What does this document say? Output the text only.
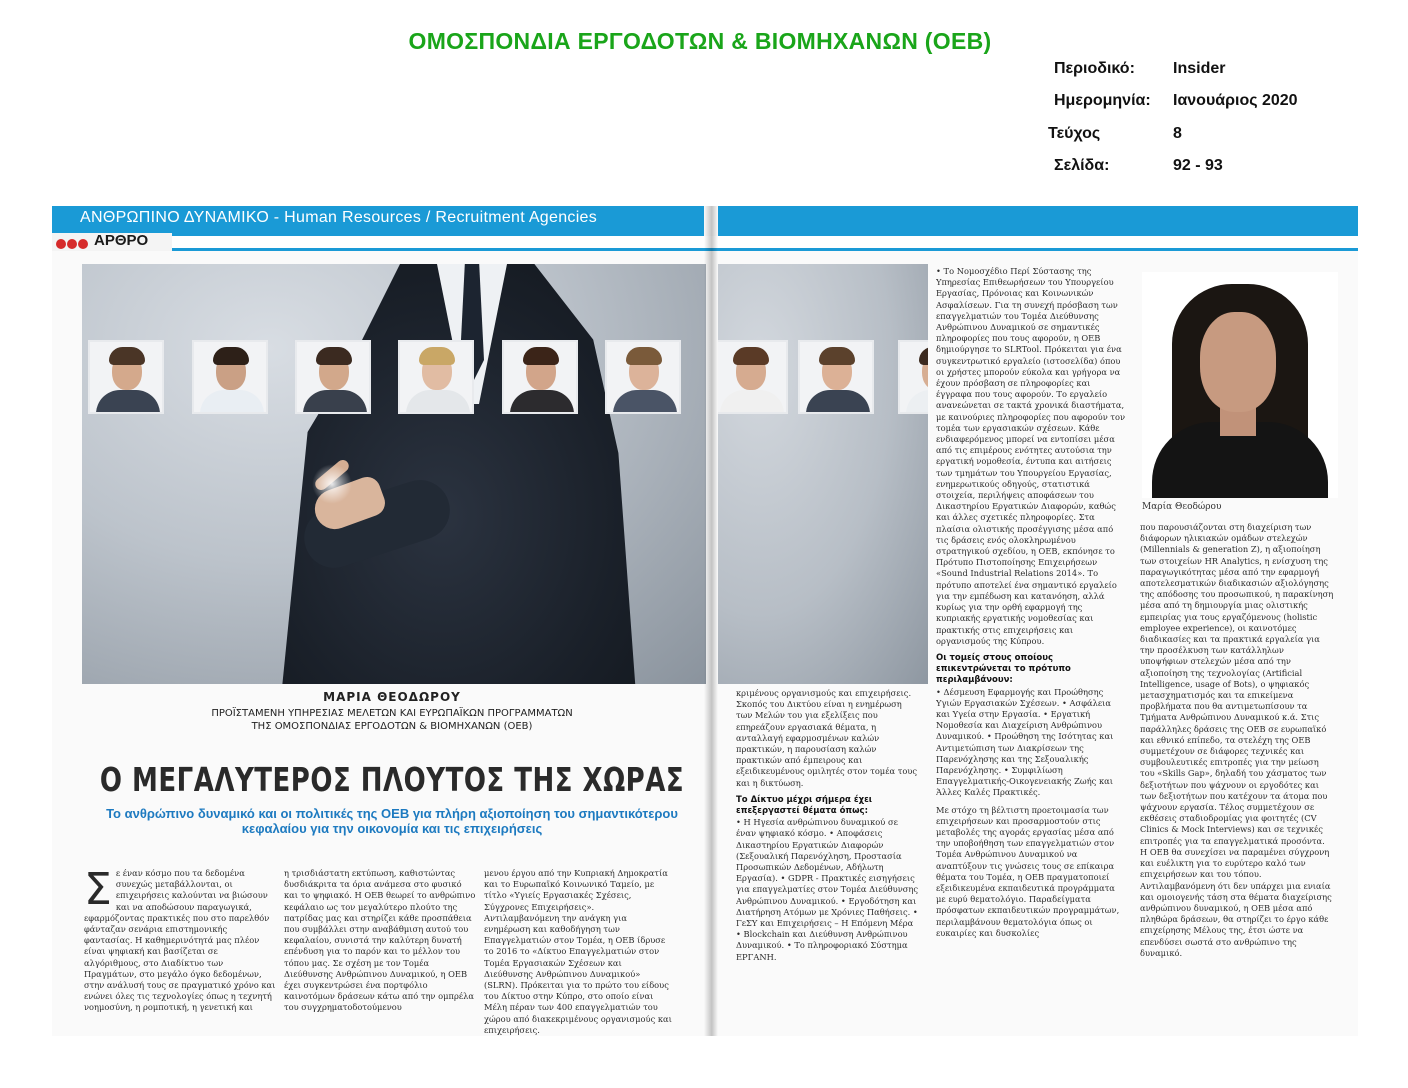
ΟΜΟΣΠΟΝΔΙΑ ΕΡΓΟΔΟΤΩΝ & ΒΙΟΜΗΧΑΝΩΝ (ΟΕΒ)
Περιοδικό: Insider
Ημερομηνία: Ιανουάριος 2020
Τεύχος	8
Σελίδα:	92 - 93
ΑΝΘΡΩΠΙΝΟ ΔΥΝΑΜΙΚΟ - Human Resources / Recruitment Agencies
ΑΡΘΡΟ
Μαρία Θεοδώρου
ΜΑΡΙΑ ΘΕΟΔΩΡΟΥ
ΠΡΟΪΣΤΑΜΕΝΗ ΥΠΗΡΕΣΙΑΣ ΜΕΛΕΤΩΝ ΚΑΙ ΕΥΡΩΠΑΪΚΩΝ ΠΡΟΓΡΑΜΜΑΤΩΝ
ΤΗΣ ΟΜΟΣΠΟΝΔΙΑΣ ΕΡΓΟΔΟΤΩΝ & ΒΙΟΜΗΧΑΝΩΝ (ΟΕΒ)
Ο ΜΕΓΑΛΥΤΕΡΟΣ ΠΛΟΥΤΟΣ ΤΗΣ ΧΩΡΑΣ
Το ανθρώπινο δυναμικό και οι πολιτικές της ΟΕΒ για πλήρη αξιοποίηση του σημαντικότερου
κεφαλαίου για την οικονομία και τις επιχειρήσεις
Σ ε έναν κόσμο που τα δεδομένα συνεχώς μεταβάλλονται, οι επιχειρήσεις καλούνται να βιώσουν και να αποδώσουν παραγωγικά, εφαρμόζοντας πρακτικές που στο παρελθόν φάνταζαν σενάρια επιστημονικής φαντασίας. Η καθημερινότητά μας πλέον είναι ψηφιακή και βασίζεται σε αλγόριθμους, στο Διαδίκτυο των Πραγμάτων, στο μεγάλο όγκο δεδομένων, στην ανάλυσή τους σε πραγματικό χρόνο και ενώνει όλες τις τεχνολογίες όπως η τεχνητή νοημοσύνη, η ρομποτική, η γενετική και

η τρισδιάστατη εκτύπωση, καθιστώντας δυσδιάκριτα τα όρια ανάμεσα στο φυσικό και το ψηφιακό. Η ΟΕΒ θεωρεί το ανθρώπινο κεφάλαιο ως τον μεγαλύτερο πλούτο της πατρίδας μας και στηρίζει κάθε προσπάθεια που συμβάλλει στην αναβάθμιση αυτού του κεφαλαίου, συνιστά την καλύτερη δυνατή επένδυση για το παρόν και το μέλλον του τόπου μας. Σε σχέση με τον Τομέα Διεύθυνσης Ανθρώπινου Δυναμικού, η ΟΕΒ έχει συγκεντρώσει ένα πορτφόλιο καινοτόμων δράσεων κάτω από την ομπρέλα του συγχρηματοδοτούμενου

μενου έργου από την Κυπριακή Δημοκρατία και το Ευρωπαϊκό Κοινωνικό Ταμείο, με τίτλο «Υγιείς Εργασιακές Σχέσεις, Σύγχρονες Επιχειρήσεις». Αντιλαμβανόμενη την ανάγκη για ενημέρωση και καθοδήγηση των Επαγγελματιών στον Τομέα, η ΟΕΒ ίδρυσε το 2016 το «Δίκτυο Επαγγελματιών στον Τομέα Εργασιακών Σχέσεων και Διεύθυνσης Ανθρώπινου Δυναμικού» (SLRN). Πρόκειται για το πρώτο του είδους του Δίκτυο στην Κύπρο, στο οποίο είναι Μέλη πέραν των 400 επαγγελματιών του χώρου από διακεκριμένους οργανισμούς και επιχειρήσεις.

κριμένους οργανισμούς και επιχειρήσεις. Σκοπός του Δικτύου είναι η ενημέρωση των Μελών του για εξελίξεις που επηρεάζουν εργασιακά θέματα, η ανταλλαγή εφαρμοσμένων καλών πρακτικών, η παρουσίαση καλών πρακτικών από έμπειρους και εξειδικευμένους ομιλητές στον τομέα τους και η δικτύωση.

Το Δίκτυο μέχρι σήμερα έχει επεξεργαστεί θέματα όπως:

• Η Ηγεσία ανθρώπινου δυναμικού σε έναν ψηφιακό κόσμο. • Αποφάσεις Δικαστηρίου Εργατικών Διαφορών (Σεξουαλική Παρενόχληση, Προστασία Προσωπικών Δεδομένων, Αδήλωτη Εργασία). • GDPR - Πρακτικές εισηγήσεις για επαγγελματίες στον Τομέα Διεύθυνσης Ανθρώπινου Δυναμικού. • Εργοδότηση και Διατήρηση Ατόμων με Χρόνιες Παθήσεις. • ΓεΣΥ και Επιχειρήσεις – Η Επόμενη Μέρα • Blockchain και Διεύθυνση Ανθρώπινου Δυναμικού. • Το πληροφοριακό Σύστημα ΕΡΓΑΝΗ.

• Το Νομοσχέδιο Περί Σύστασης της Υπηρεσίας Επιθεωρήσεων του Υπουργείου Εργασίας, Πρόνοιας και Κοινωνικών Ασφαλίσεων. Για τη συνεχή πρόσβαση των επαγγελματιών του Τομέα Διεύθυνσης Ανθρώπινου Δυναμικού σε σημαντικές πληροφορίες που τους αφορούν, η ΟΕΒ δημιούργησε το SLRTool. Πρόκειται για ένα συγκεντρωτικό εργαλείο (ιστοσελίδα) όπου οι χρήστες μπορούν εύκολα και γρήγορα να έχουν πρόσβαση σε πληροφορίες και έγγραφα που τους αφορούν. Το εργαλείο ανανεώνεται σε τακτά χρονικά διαστήματα, με καινούριες πληροφορίες που αφορούν τον τομέα των εργασιακών σχέσεων. Κάθε ενδιαφερόμενος μπορεί να εντοπίσει μέσα από τις επιμέρους ενότητες αυτούσια την εργατική νομοθεσία, έντυπα και αιτήσεις των τμημάτων του Υπουργείου Εργασίας, ενημερωτικούς οδηγούς, στατιστικά στοιχεία, περιλήψεις αποφάσεων του Δικαστηρίου Εργατικών Διαφορών, καθώς και άλλες σχετικές πληροφορίες. Στα πλαίσια ολιστικής προσέγγισης μέσα από τις δράσεις ενός ολοκληρωμένου στρατηγικού σχεδίου, η ΟΕΒ, εκπόνησε το Πρότυπο Πιστοποίησης Επιχειρήσεων «Sound Industrial Relations 2014». Το πρότυπο αποτελεί ένα σημαντικό εργαλείο για την εμπέδωση και κατανόηση, αλλά κυρίως για την ορθή εφαρμογή της κυπριακής εργατικής νομοθεσίας και πρακτικής στις επιχειρήσεις και οργανισμούς της Κύπρου.

Οι τομείς στους οποίους επικεντρώνεται το πρότυπο περιλαμβάνουν:

• Δέσμευση Εφαρμογής και Προώθησης Υγιών Εργασιακών Σχέσεων. • Ασφάλεια και Υγεία στην Εργασία. • Εργατική Νομοθεσία και Διαχείριση Ανθρώπινου Δυναμικού. • Προώθηση της Ισότητας και Αντιμετώπιση των Διακρίσεων της Παρενόχλησης και της Σεξουαλικής Παρενόχλησης. • Συμφιλίωση Επαγγελματικής-Οικογενειακής Ζωής και Άλλες Καλές Πρακτικές.

Με στόχο τη βέλτιστη προετοιμασία των επιχειρήσεων και προσαρμοστούν στις μεταβολές της αγοράς εργασίας μέσα από την υποβοήθηση των επαγγελματιών στον Τομέα Ανθρώπινου Δυναμικού να αναπτύξουν τις γνώσεις τους σε επίκαιρα θέματα του Τομέα, η ΟΕΒ πραγματοποιεί εξειδικευμένα εκπαιδευτικά προγράμματα με ευρύ θεματολόγιο. Παραδείγματα πρόσφατων εκπαιδευτικών προγραμμάτων, περιλαμβάνουν θεματολόγια όπως οι ευκαιρίες και δυσκολίες

που παρουσιάζονται στη διαχείριση των διάφορων ηλικιακών ομάδων στελεχών (Millennials & generation Z), η αξιοποίηση των στοιχείων HR Analytics, η ενίσχυση της παραγωγικότητας μέσα από την εφαρμογή αποτελεσματικών διαδικασιών αξιολόγησης της απόδοσης του προσωπικού, η παρακίνηση μέσα από τη δημιουργία μιας ολιστικής εμπειρίας για τους εργαζόμενους (holistic employee experience), οι καινοτόμες διαδικασίες και τα πρακτικά εργαλεία για την προσέλκυση των κατάλληλων υποψήφιων στελεχών μέσα από την αξιοποίηση της τεχνολογίας (Artificial Intelligence, usage of Bots), ο ψηφιακός μετασχηματισμός και τα επικείμενα προβλήματα που θα αντιμετωπίσουν τα Τμήματα Ανθρώπινου Δυναμικού κ.ά. Στις παράλληλες δράσεις της ΟΕΒ σε ευρωπαϊκό και εθνικό επίπεδο, τα στελέχη της ΟΕΒ συμμετέχουν σε διάφορες τεχνικές και συμβουλευτικές επιτροπές για την μείωση του «Skills Gap», δηλαδή του χάσματος των δεξιοτήτων που ψάχνουν οι εργοδότες και των δεξιοτήτων που κατέχουν τα άτομα που ψάχνουν εργασία. Τέλος συμμετέχουν σε εκθέσεις σταδιοδρομίας για φοιτητές (CV Clinics & Mock Interviews) και σε τεχνικές επιτροπές για τα επαγγελματικά προσόντα. Η ΟΕΒ θα συνεχίσει να παραμένει σύγχρονη και ευέλικτη για το ευρύτερο καλό των επιχειρήσεων και του τόπου. Αντιλαμβανόμενη ότι δεν υπάρχει μια ενιαία και ομοιογενής τάση στα θέματα διαχείρισης ανθρώπινου δυναμικού, η ΟΕΒ μέσα από πληθώρα δράσεων, θα στηρίζει το έργο κάθε επιχείρησης Μέλους της, έτσι ώστε να επενδύσει σωστά στο ανθρώπινο της δυναμικό.
